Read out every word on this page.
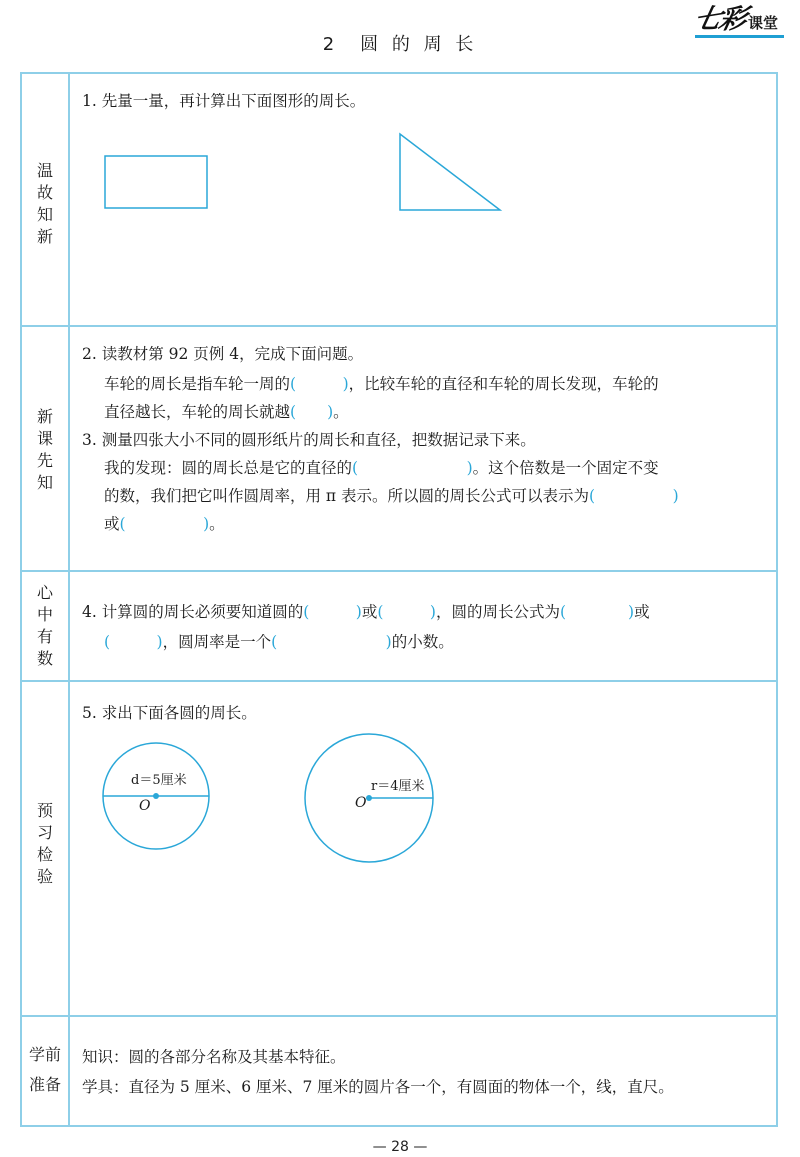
七彩 课堂
2　圆 的 周 长
温
故
知
新
新
课
先
知
心
中
有
数
预
习
检
验
学前
准备
1. 先量一量，再计算出下面图形的周长。
2. 读教材第 92 页例 4，完成下面问题。
车轮的周长是指车轮一周的(　　　)，比较车轮的直径和车轮的周长发现，车轮的
直径越长，车轮的周长就越(　　)。
3. 测量四张大小不同的圆形纸片的周长和直径，把数据记录下来。
我的发现：圆的周长总是它的直径的(　　　　　　　)。这个倍数是一个固定不变
的数，我们把它叫作圆周率，用 π 表示。所以圆的周长公式可以表示为(　　　　　)
或(　　　　　)。
4. 计算圆的周长必须要知道圆的(　　　)或(　　　)，圆的周长公式为(　　　　)或
(　　　)，圆周率是一个(　　　　　　　)的小数。
5. 求出下面各圆的周长。
d＝5厘米
O
r＝4厘米
O
知识：圆的各部分名称及其基本特征。
学具：直径为 5 厘米、6 厘米、7 厘米的圆片各一个，有圆面的物体一个，线，直尺。
— 28 —
